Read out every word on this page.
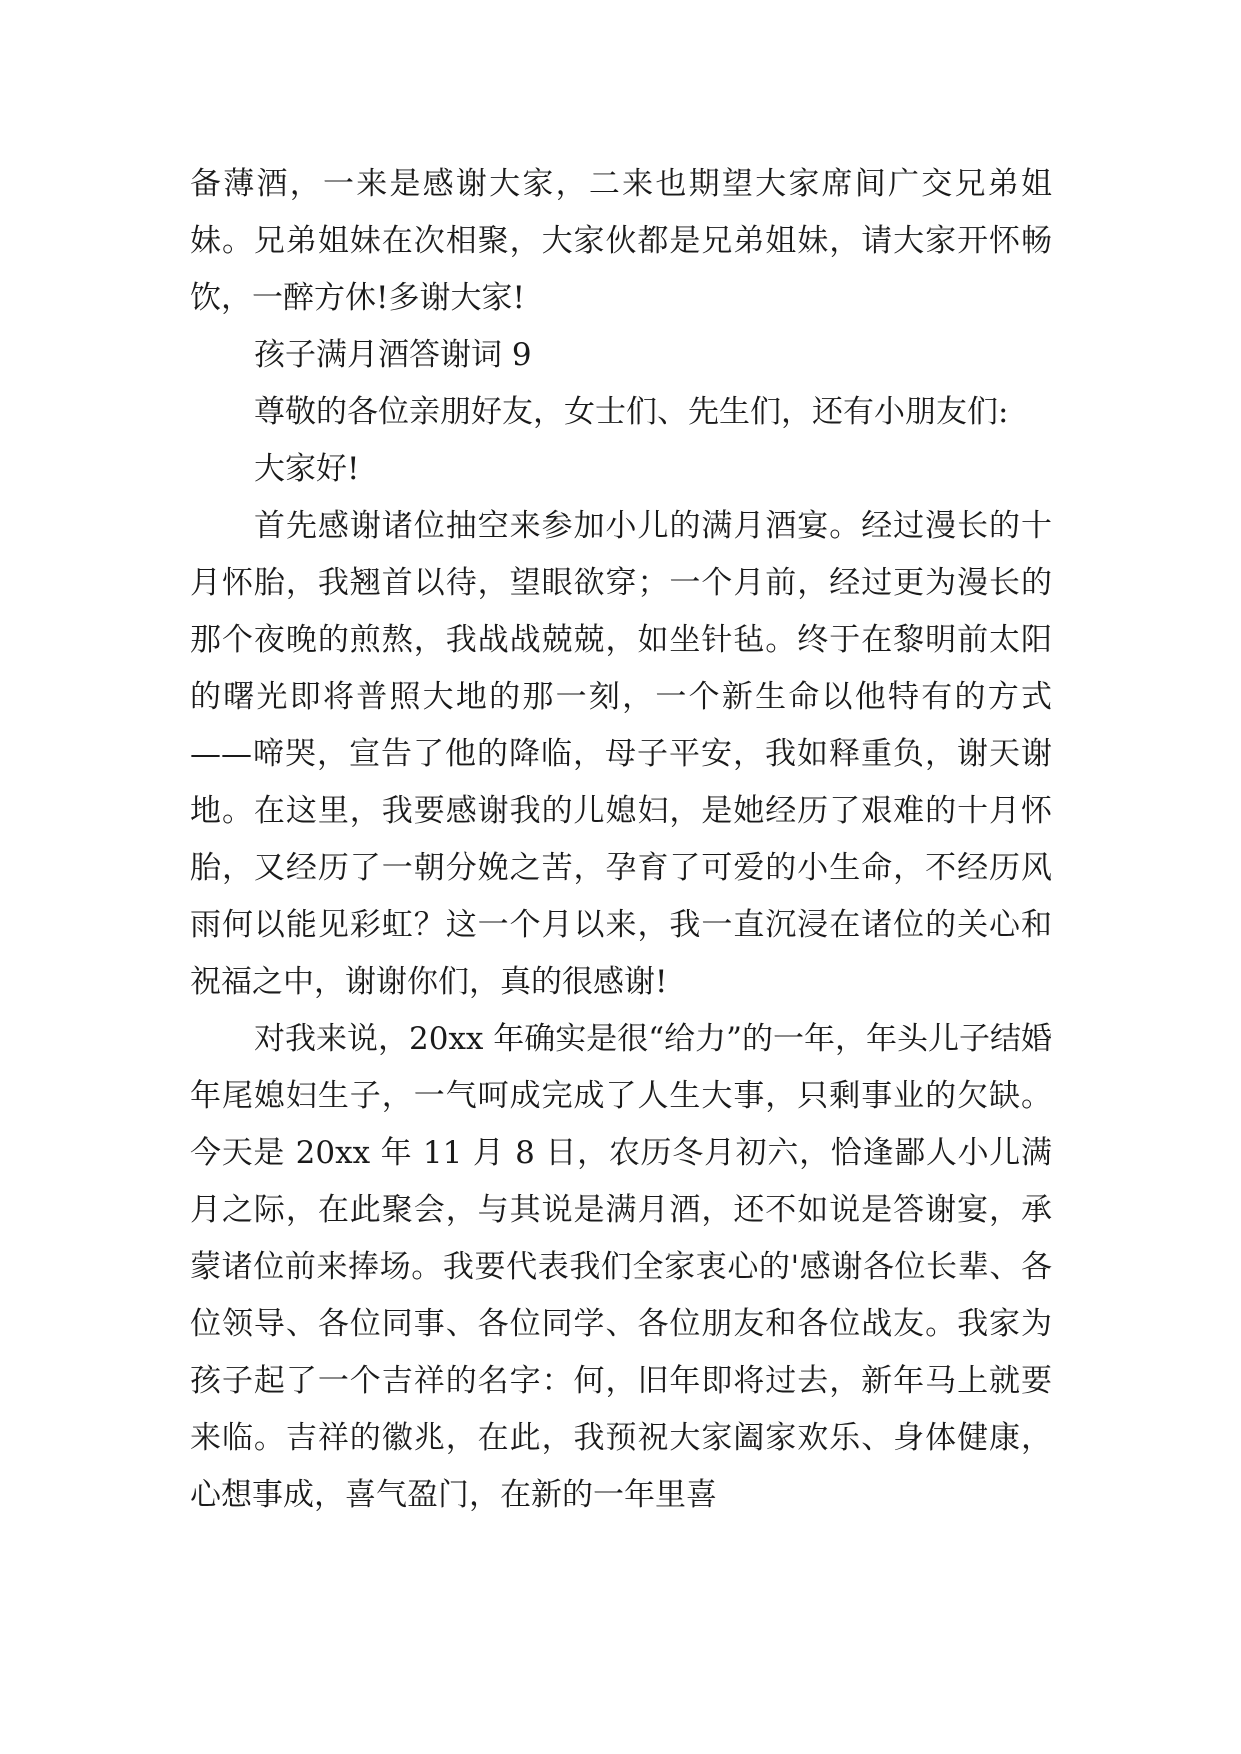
备薄酒，一来是感谢大家，二来也期望大家席间广交兄弟姐妹。兄弟姐妹在次相聚，大家伙都是兄弟姐妹，请大家开怀畅饮，一醉方休!多谢大家!

孩子满月酒答谢词 9

尊敬的各位亲朋好友，女士们、先生们，还有小朋友们:

大家好!

首先感谢诸位抽空来参加小儿的满月酒宴。经过漫长的十月怀胎，我翘首以待，望眼欲穿；一个月前，经过更为漫长的那个夜晚的煎熬，我战战兢兢，如坐针毡。终于在黎明前太阳的曙光即将普照大地的那一刻，一个新生命以他特有的方式——啼哭，宣告了他的降临，母子平安，我如释重负，谢天谢地。在这里，我要感谢我的儿媳妇，是她经历了艰难的十月怀胎，又经历了一朝分娩之苦，孕育了可爱的小生命，不经历风雨何以能见彩虹？这一个月以来，我一直沉浸在诸位的关心和祝福之中，谢谢你们，真的很感谢!

对我来说，20xx 年确实是很“给力”的一年，年头儿子结婚年尾媳妇生子，一气呵成完成了人生大事，只剩事业的欠缺。今天是 20xx 年 11 月 8 日，农历冬月初六，恰逢鄙人小儿满月之际，在此聚会，与其说是满月酒，还不如说是答谢宴，承蒙诸位前来捧场。我要代表我们全家衷心的'感谢各位长辈、各位领导、各位同事、各位同学、各位朋友和各位战友。我家为孩子起了一个吉祥的名字：何，旧年即将过去，新年马上就要来临。吉祥的徽兆，在此，我预祝大家阖家欢乐、身体健康，心想事成，喜气盈门，在新的一年里喜
